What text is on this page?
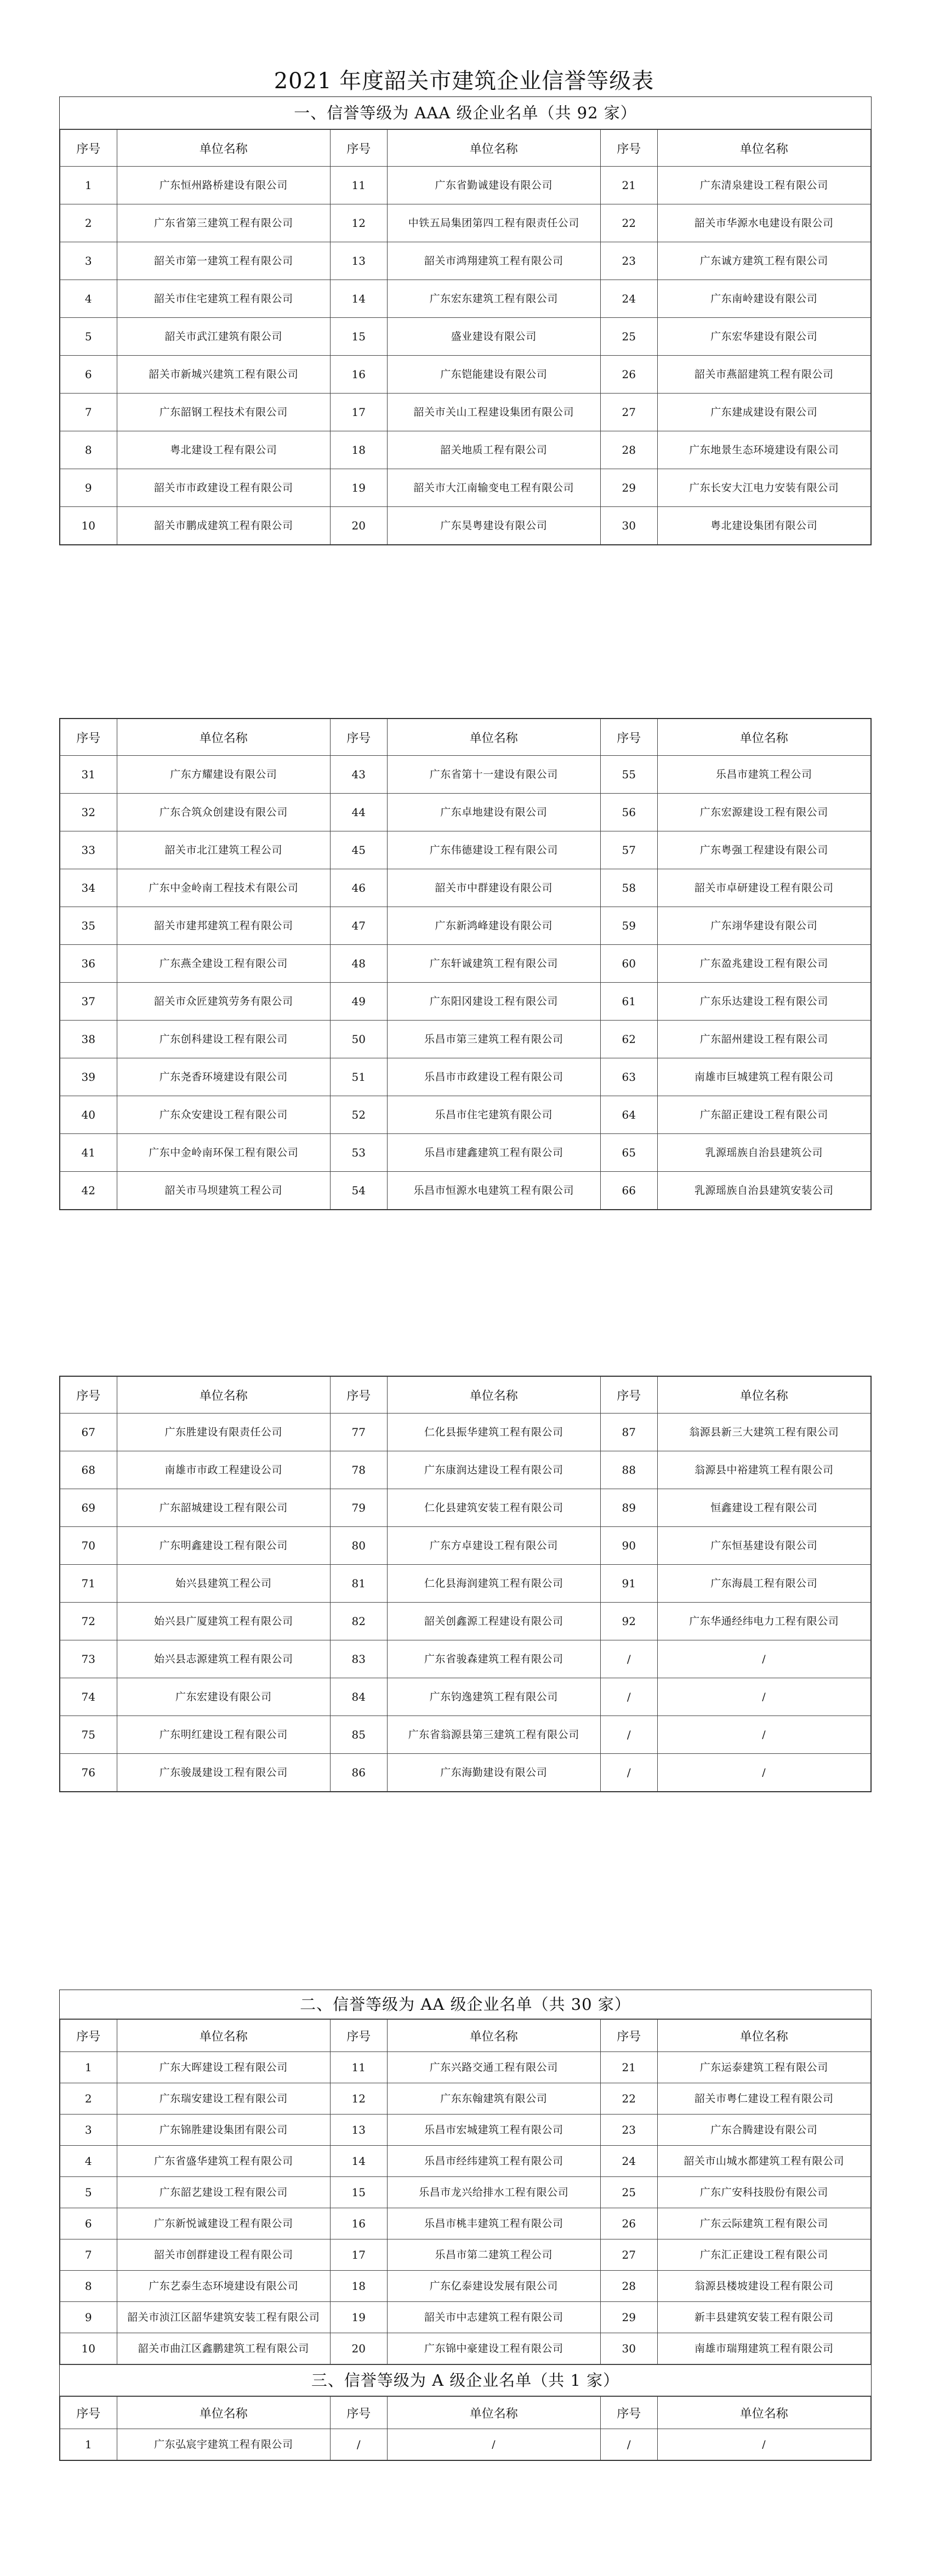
2021 年度韶关市建筑企业信誉等级表
一、信誉等级为 AAA 级企业名单（共 92 家）
序号	单位名称	序号	单位名称	序号	单位名称
1	广东恒州路桥建设有限公司	11	广东省勤诚建设有限公司	21	广东清泉建设工程有限公司
2	广东省第三建筑工程有限公司	12	中铁五局集团第四工程有限责任公司	22	韶关市华源水电建设有限公司
3	韶关市第一建筑工程有限公司	13	韶关市鸿翔建筑工程有限公司	23	广东诚方建筑工程有限公司
4	韶关市住宅建筑工程有限公司	14	广东宏东建筑工程有限公司	24	广东南岭建设有限公司
5	韶关市武江建筑有限公司	15	盛业建设有限公司	25	广东宏华建设有限公司
6	韶关市新城兴建筑工程有限公司	16	广东铠能建设有限公司	26	韶关市燕韶建筑工程有限公司
7	广东韶钢工程技术有限公司	17	韶关市关山工程建设集团有限公司	27	广东建成建设有限公司
8	粤北建设工程有限公司	18	韶关地质工程有限公司	28	广东地景生态环境建设有限公司
9	韶关市市政建设工程有限公司	19	韶关市大江南输变电工程有限公司	29	广东长安大江电力安装有限公司
10	韶关市鹏成建筑工程有限公司	20	广东昊粤建设有限公司	30	粤北建设集团有限公司
序号	单位名称	序号	单位名称	序号	单位名称
31	广东方耀建设有限公司	43	广东省第十一建设有限公司	55	乐昌市建筑工程公司
32	广东合筑众创建设有限公司	44	广东卓地建设有限公司	56	广东宏源建设工程有限公司
33	韶关市北江建筑工程公司	45	广东伟德建设工程有限公司	57	广东粤强工程建设有限公司
34	广东中金岭南工程技术有限公司	46	韶关市中群建设有限公司	58	韶关市卓研建设工程有限公司
35	韶关市建邦建筑工程有限公司	47	广东新鸿峰建设有限公司	59	广东翊华建设有限公司
36	广东燕全建设工程有限公司	48	广东轩诚建筑工程有限公司	60	广东盈兆建设工程有限公司
37	韶关市众匠建筑劳务有限公司	49	广东阳冈建设工程有限公司	61	广东乐达建设工程有限公司
38	广东创科建设工程有限公司	50	乐昌市第三建筑工程有限公司	62	广东韶州建设工程有限公司
39	广东尧香环境建设有限公司	51	乐昌市市政建设工程有限公司	63	南雄市巨城建筑工程有限公司
40	广东众安建设工程有限公司	52	乐昌市住宅建筑有限公司	64	广东韶正建设工程有限公司
41	广东中金岭南环保工程有限公司	53	乐昌市建鑫建筑工程有限公司	65	乳源瑶族自治县建筑公司
42	韶关市马坝建筑工程公司	54	乐昌市恒源水电建筑工程有限公司	66	乳源瑶族自治县建筑安装公司
序号	单位名称	序号	单位名称	序号	单位名称
67	广东胜建设有限责任公司	77	仁化县振华建筑工程有限公司	87	翁源县新三大建筑工程有限公司
68	南雄市市政工程建设公司	78	广东康润达建设工程有限公司	88	翁源县中裕建筑工程有限公司
69	广东韶城建设工程有限公司	79	仁化县建筑安装工程有限公司	89	恒鑫建设工程有限公司
70	广东明鑫建设工程有限公司	80	广东方卓建设工程有限公司	90	广东恒基建设有限公司
71	始兴县建筑工程公司	81	仁化县海润建筑工程有限公司	91	广东海晨工程有限公司
72	始兴县广厦建筑工程有限公司	82	韶关创鑫源工程建设有限公司	92	广东华通经纬电力工程有限公司
73	始兴县志源建筑工程有限公司	83	广东省骏森建筑工程有限公司	/	/
74	广东宏建设有限公司	84	广东钧逸建筑工程有限公司	/	/
75	广东明红建设工程有限公司	85	广东省翁源县第三建筑工程有限公司	/	/
76	广东骏晟建设工程有限公司	86	广东海勤建设有限公司	/	/
二、信誉等级为 AA 级企业名单（共 30 家）
序号	单位名称	序号	单位名称	序号	单位名称
1	广东大晖建设工程有限公司	11	广东兴路交通工程有限公司	21	广东运泰建筑工程有限公司
2	广东瑞安建设工程有限公司	12	广东东翰建筑有限公司	22	韶关市粤仁建设工程有限公司
3	广东锦胜建设集团有限公司	13	乐昌市宏城建筑工程有限公司	23	广东合腾建设有限公司
4	广东省盛华建筑工程有限公司	14	乐昌市经纬建筑工程有限公司	24	韶关市山城水都建筑工程有限公司
5	广东韶艺建设工程有限公司	15	乐昌市龙兴给排水工程有限公司	25	广东广安科技股份有限公司
6	广东新悦诚建设工程有限公司	16	乐昌市桃丰建筑工程有限公司	26	广东云际建筑工程有限公司
7	韶关市创群建设工程有限公司	17	乐昌市第二建筑工程公司	27	广东汇正建设工程有限公司
8	广东艺泰生态环境建设有限公司	18	广东亿泰建设发展有限公司	28	翁源县楼坡建设工程有限公司
9	韶关市浈江区韶华建筑安装工程有限公司	19	韶关市中志建筑工程有限公司	29	新丰县建筑安装工程有限公司
10	韶关市曲江区鑫鹏建筑工程有限公司	20	广东锦中豪建设工程有限公司	30	南雄市瑞翔建筑工程有限公司
三、信誉等级为 A 级企业名单（共 1 家）
序号	单位名称	序号	单位名称	序号	单位名称
1	广东弘宸宇建筑工程有限公司	/	/	/	/
